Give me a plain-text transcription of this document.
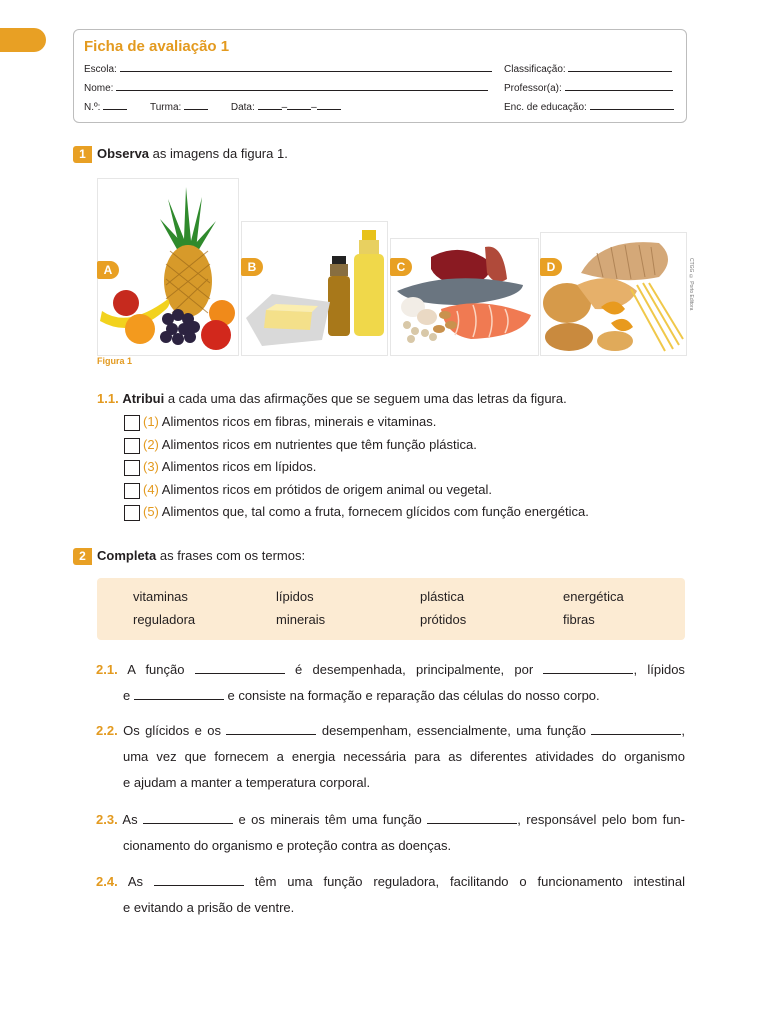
Ficha de avaliação 1
Escola:	Classificação:
Nome:	Professor(a):
N.º:	Turma:	Data:	– –	Enc. de educação:
1 Observa as imagens da figura 1.
A	B	C	D	CTGG © Porto Editora
Figura 1
1.1. Atribui a cada uma das afirmações que se seguem uma das letras da figura.
(1) Alimentos ricos em fibras, minerais e vitaminas.
(2) Alimentos ricos em nutrientes que têm função plástica.
(3) Alimentos ricos em lípidos.
(4) Alimentos ricos em prótidos de origem animal ou vegetal.
(5) Alimentos que, tal como a fruta, fornecem glícidos com função energética.
2 Completa as frases com os termos:
vitaminas	lípidos	plástica	energética
reguladora	minerais	prótidos	fibras
2.1. A função	é desempenhada, principalmente, por	, lípidos
e	e consiste na formação e reparação das células do nosso corpo.
2.2. Os glícidos e os	desempenham, essencialmente, uma função	,
uma vez que fornecem a energia necessária para as diferentes atividades do organismo
e ajudam a manter a temperatura corporal.
2.3. As	e os minerais têm uma função	, responsável pelo bom fun-
cionamento do organismo e proteção contra as doenças.
2.4. As	têm uma função reguladora, facilitando o funcionamento intestinal
e evitando a prisão de ventre.
